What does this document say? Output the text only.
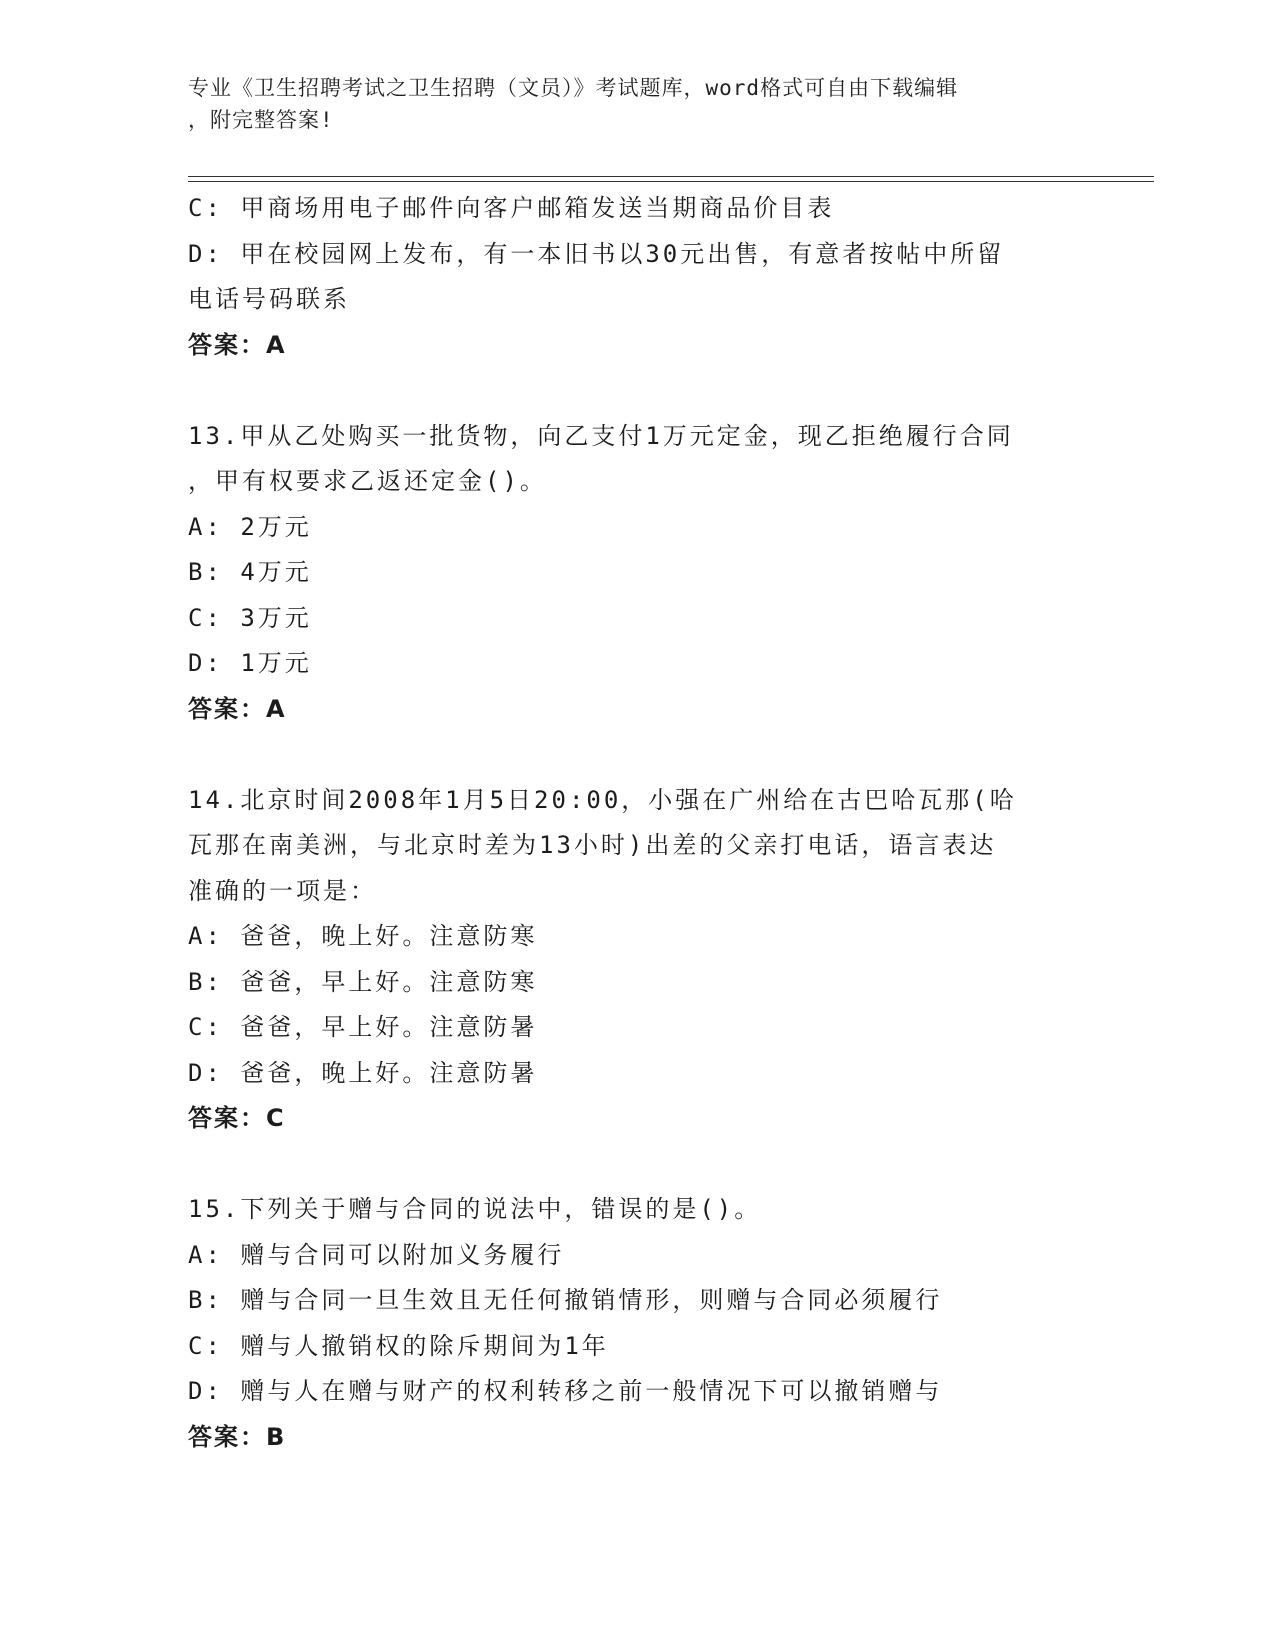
专业《卫生招聘考试之卫生招聘（文员）》考试题库，word格式可自由下载编辑
，附完整答案!

C: 甲商场用电子邮件向客户邮箱发送当期商品价目表

D: 甲在校园网上发布，有一本旧书以30元出售，有意者按帖中所留

电话号码联系

答案：A

13.甲从乙处购买一批货物，向乙支付1万元定金，现乙拒绝履行合同

，甲有权要求乙返还定金()。

A: 2万元

B: 4万元

C: 3万元

D: 1万元

答案：A

14.北京时间2008年1月5日20:00，小强在广州给在古巴哈瓦那(哈

瓦那在南美洲，与北京时差为13小时)出差的父亲打电话，语言表达

准确的一项是：

A: 爸爸，晚上好。注意防寒

B: 爸爸，早上好。注意防寒

C: 爸爸，早上好。注意防暑

D: 爸爸，晚上好。注意防暑

答案：C

15.下列关于赠与合同的说法中，错误的是()。

A: 赠与合同可以附加义务履行

B: 赠与合同一旦生效且无任何撤销情形，则赠与合同必须履行

C: 赠与人撤销权的除斥期间为1年

D: 赠与人在赠与财产的权利转移之前一般情况下可以撤销赠与

答案：B
